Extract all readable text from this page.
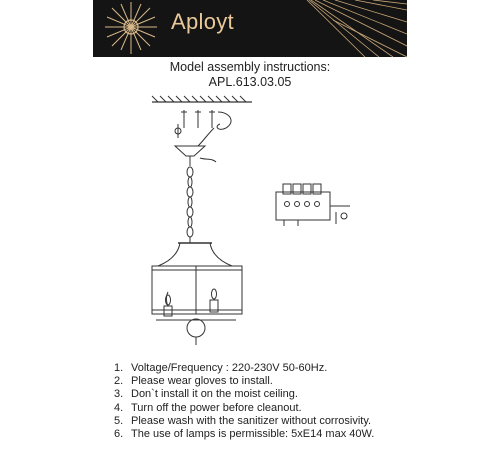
Aployt
Model assembly instructions:
APL.613.03.05
1. Voltage/Frequency : 220-230V 50-60Hz.
2. Please wear gloves to install.
3. Don`t install it on the moist ceiling.
4. Turn off the power before cleanout.
5. Please wash with the sanitizer without corrosivity.
6. The use of lamps is permissible: 5xE14 max 40W.
